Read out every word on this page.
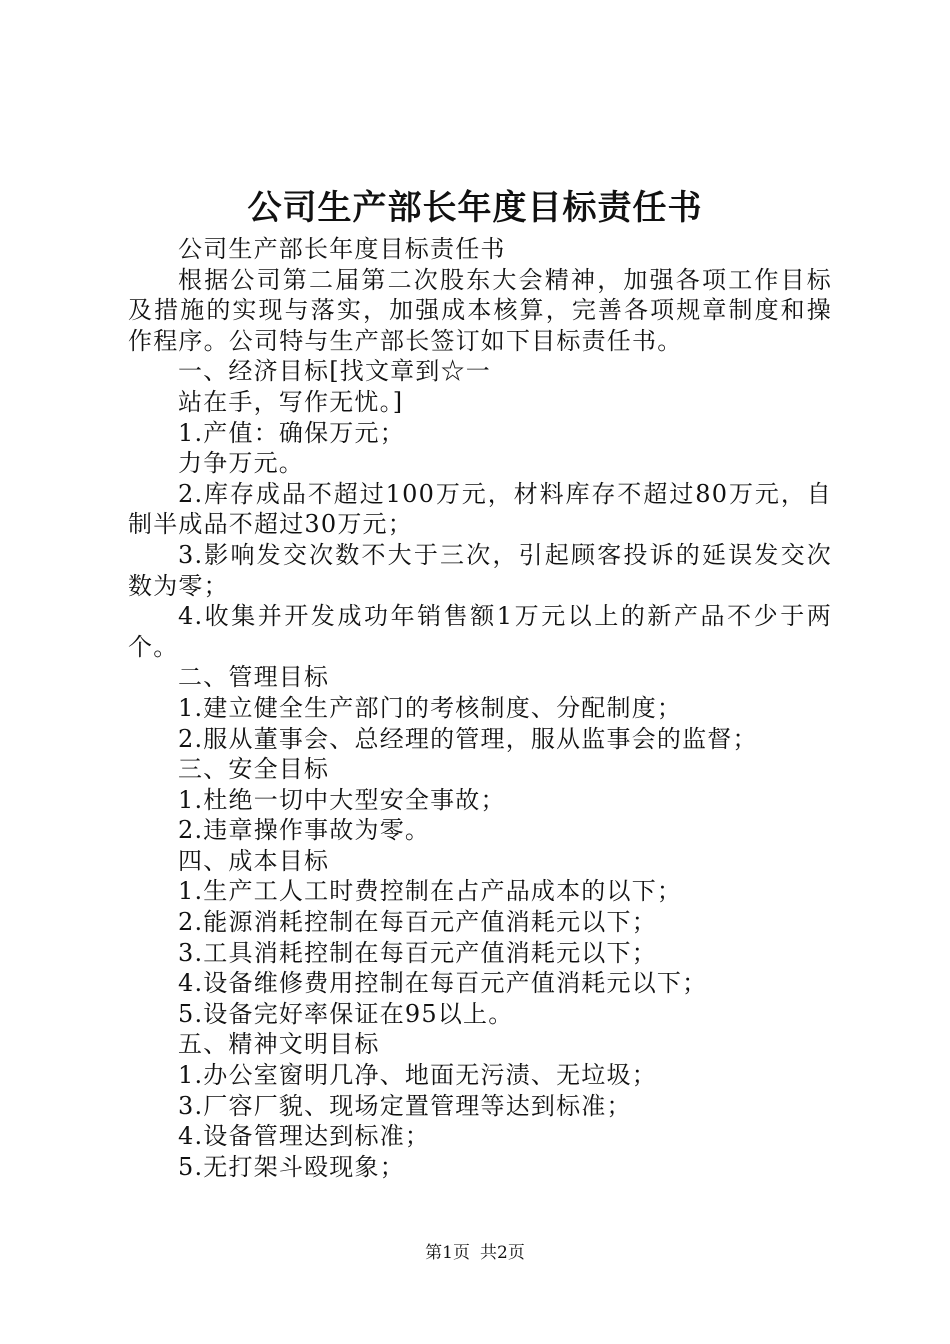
公司生产部长年度目标责任书

公司生产部长年度目标责任书

根据公司第二届第二次股东大会精神，加强各项工作目标及措施的实现与落实，加强成本核算，完善各项规章制度和操作程序。公司特与生产部长签订如下目标责任书。

一、经济目标[找文章到☆一

站在手，写作无忧。]

1.产值：确保万元；

力争万元。

2.库存成品不超过100万元，材料库存不超过80万元，自制半成品不超过30万元；

3.影响发交次数不大于三次，引起顾客投诉的延误发交次数为零；

4.收集并开发成功年销售额1万元以上的新产品不少于两个。

二、管理目标

1.建立健全生产部门的考核制度、分配制度；

2.服从董事会、总经理的管理，服从监事会的监督；

三、安全目标

1.杜绝一切中大型安全事故；

2.违章操作事故为零。

四、成本目标

1.生产工人工时费控制在占产品成本的以下；

2.能源消耗控制在每百元产值消耗元以下；

3.工具消耗控制在每百元产值消耗元以下；

4.设备维修费用控制在每百元产值消耗元以下；

5.设备完好率保证在95以上。

五、精神文明目标

1.办公室窗明几净、地面无污渍、无垃圾；

3.厂容厂貌、现场定置管理等达到标准；

4.设备管理达到标准；

5.无打架斗殴现象；

第1页 共2页
